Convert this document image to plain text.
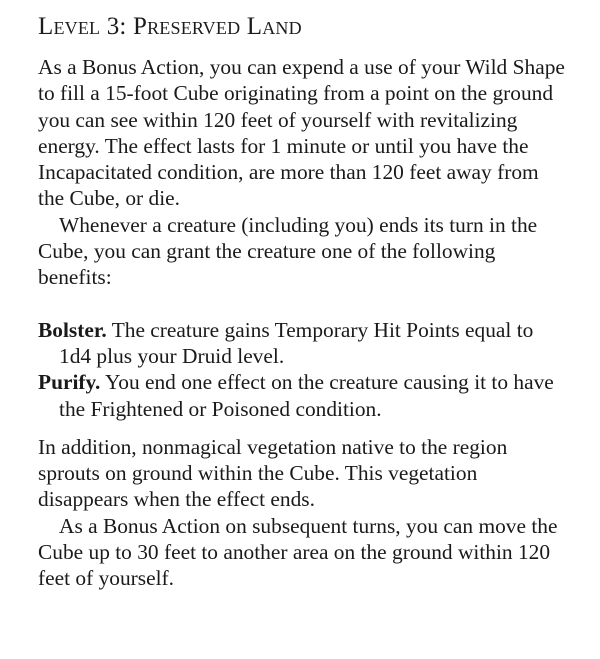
Level 3: Preserved Land

As a Bonus Action, you can expend a use of your Wild Shape to fill a 15-foot Cube originating from a point on the ground you can see within 120 feet of yourself with revitalizing energy. The effect lasts for 1 minute or until you have the Incapacitated condition, are more than 120 feet away from the Cube, or die.

Whenever a creature (including you) ends its turn in the Cube, you can grant the creature one of the following benefits:

Bolster. The creature gains Temporary Hit Points equal to 1d4 plus your Druid level.

Purify. You end one effect on the creature causing it to have the Frightened or Poisoned condition.

In addition, nonmagical vegetation native to the region sprouts on ground within the Cube. This vegetation disappears when the effect ends.

As a Bonus Action on subsequent turns, you can move the Cube up to 30 feet to another area on the ground within 120 feet of yourself.
